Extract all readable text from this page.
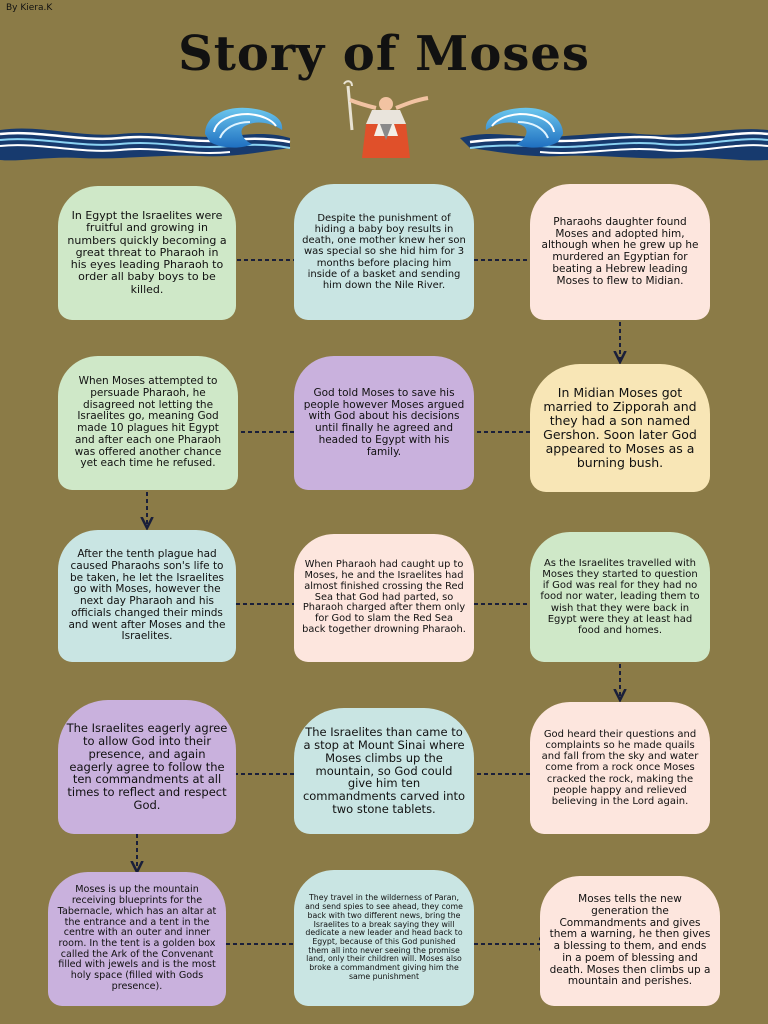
By Kiera.K
Story of Moses
In Egypt the Israelites were fruitful and growing in numbers quickly becoming a great threat to Pharaoh in his eyes leading Pharaoh to order all baby boys to be killed.
Despite the punishment of hiding a baby boy results in death, one mother knew her son was special so she hid him for 3 months before placing him inside of a basket and sending him down the Nile River.
Pharaohs daughter found Moses and adopted him, although when he grew up he murdered an Egyptian for beating a Hebrew leading Moses to flew to Midian.
When Moses attempted to persuade Pharaoh, he disagreed not letting the Israelites go, meaning God made 10 plagues hit Egypt and after each one Pharaoh was offered another chance yet each time he refused.
God told Moses to save his people however Moses argued with God about his decisions until finally he agreed and headed to Egypt with his family.
In Midian Moses got married to Zipporah and they had a son named Gershon. Soon later God appeared to Moses as a burning bush.
After the tenth plague had caused Pharaohs son's life to be taken, he let the Israelites go with Moses, however the next day Pharaoh and his officials changed their minds and went after Moses and the Israelites.
When Pharaoh had caught up to Moses, he and the Israelites had almost finished crossing the Red Sea that God had parted, so Pharaoh charged after them only for God to slam the Red Sea back together drowning Pharaoh.
As the Israelites travelled with Moses they started to question if God was real for they had no food nor water, leading them to wish that they were back in Egypt were they at least had food and homes.
The Israelites eagerly agree to allow God into their presence, and again eagerly agree to follow the ten commandments at all times to reflect and respect God.
The Israelites than came to a stop at Mount Sinai where Moses climbs up the mountain, so God could give him ten commandments carved into two stone tablets.
God heard their questions and complaints so he made quails and fall from the sky and water come from a rock once Moses cracked the rock, making the people happy and relieved believing in the Lord again.
Moses is up the mountain receiving blueprints for the Tabernacle, which has an altar at the entrance and a tent in the centre with an outer and inner room. In the tent is a golden box called the Ark of the Convenant filled with jewels and is the most holy space (filled with Gods presence).
They travel in the wilderness of Paran, and send spies to see ahead, they come back with two different news, bring the Israelites to a break saying they will dedicate a new leader and head back to Egypt, because of this God punished them all into never seeing the promise land, only their children will. Moses also broke a commandment giving him the same punishment
Moses tells the new generation the Commandments and gives them a warning, he then gives a blessing to them, and ends in a poem of blessing and death. Moses then climbs up a mountain and perishes.
